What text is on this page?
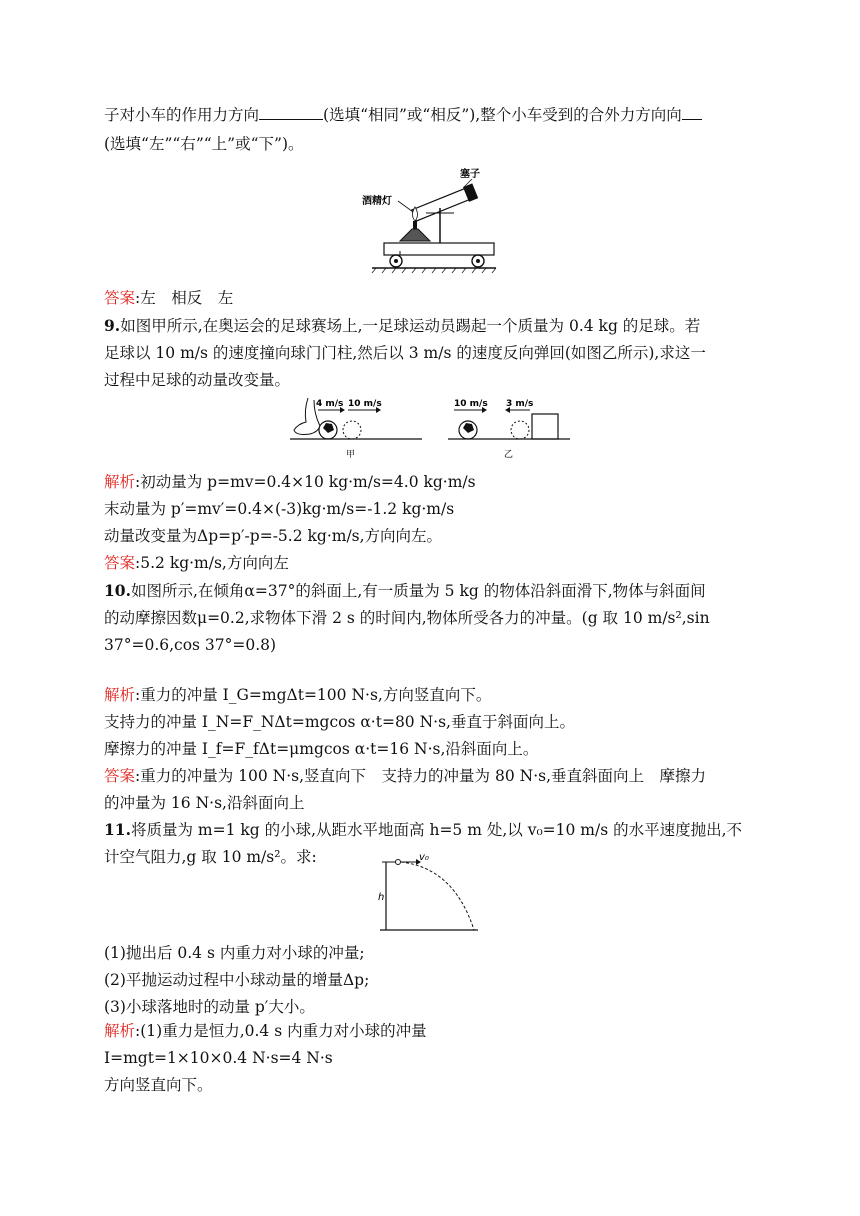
子对小车的作用力方向	(选填“相同”或“相反”),整个小车受到的合外力方向向
(选填“左”“右”“上”或“下”)。
塞子
酒精灯
答案:左　相反　左
9.如图甲所示,在奥运会的足球赛场上,一足球运动员踢起一个质量为 0.4 kg 的足球。若
足球以 10 m/s 的速度撞向球门门柱,然后以 3 m/s 的速度反向弹回(如图乙所示),求这一
过程中足球的动量改变量。
4 m/s 10 m/s
甲
10 m/s 3 m/s
乙
解析:初动量为 p=mv=0.4×10 kg·m/s=4.0 kg·m/s
末动量为 p′=mv′=0.4×(-3)kg·m/s=-1.2 kg·m/s
动量改变量为Δp=p′-p=-5.2 kg·m/s,方向向左。
答案:5.2 kg·m/s,方向向左
10.如图所示,在倾角α=37°的斜面上,有一质量为 5 kg 的物体沿斜面滑下,物体与斜面间
的动摩擦因数μ=0.2,求物体下滑 2 s 的时间内,物体所受各力的冲量。(g 取 10 m/s²,sin
37°=0.6,cos 37°=0.8)
解析:重力的冲量 I_G=mgΔt=100 N·s,方向竖直向下。
支持力的冲量 I_N=F_NΔt=mgcos α·t=80 N·s,垂直于斜面向上。
摩擦力的冲量 I_f=F_fΔt=μmgcos α·t=16 N·s,沿斜面向上。
答案:重力的冲量为 100 N·s,竖直向下　支持力的冲量为 80 N·s,垂直斜面向上　摩擦力
的冲量为 16 N·s,沿斜面向上
11.将质量为 m=1 kg 的小球,从距水平地面高 h=5 m 处,以 v₀=10 m/s 的水平速度抛出,不
计空气阻力,g 取 10 m/s²。求:	v₀
h
(1)抛出后 0.4 s 内重力对小球的冲量;
(2)平抛运动过程中小球动量的增量Δp;
(3)小球落地时的动量 p′大小。
解析:(1)重力是恒力,0.4 s 内重力对小球的冲量
I=mgt=1×10×0.4 N·s=4 N·s
方向竖直向下。
